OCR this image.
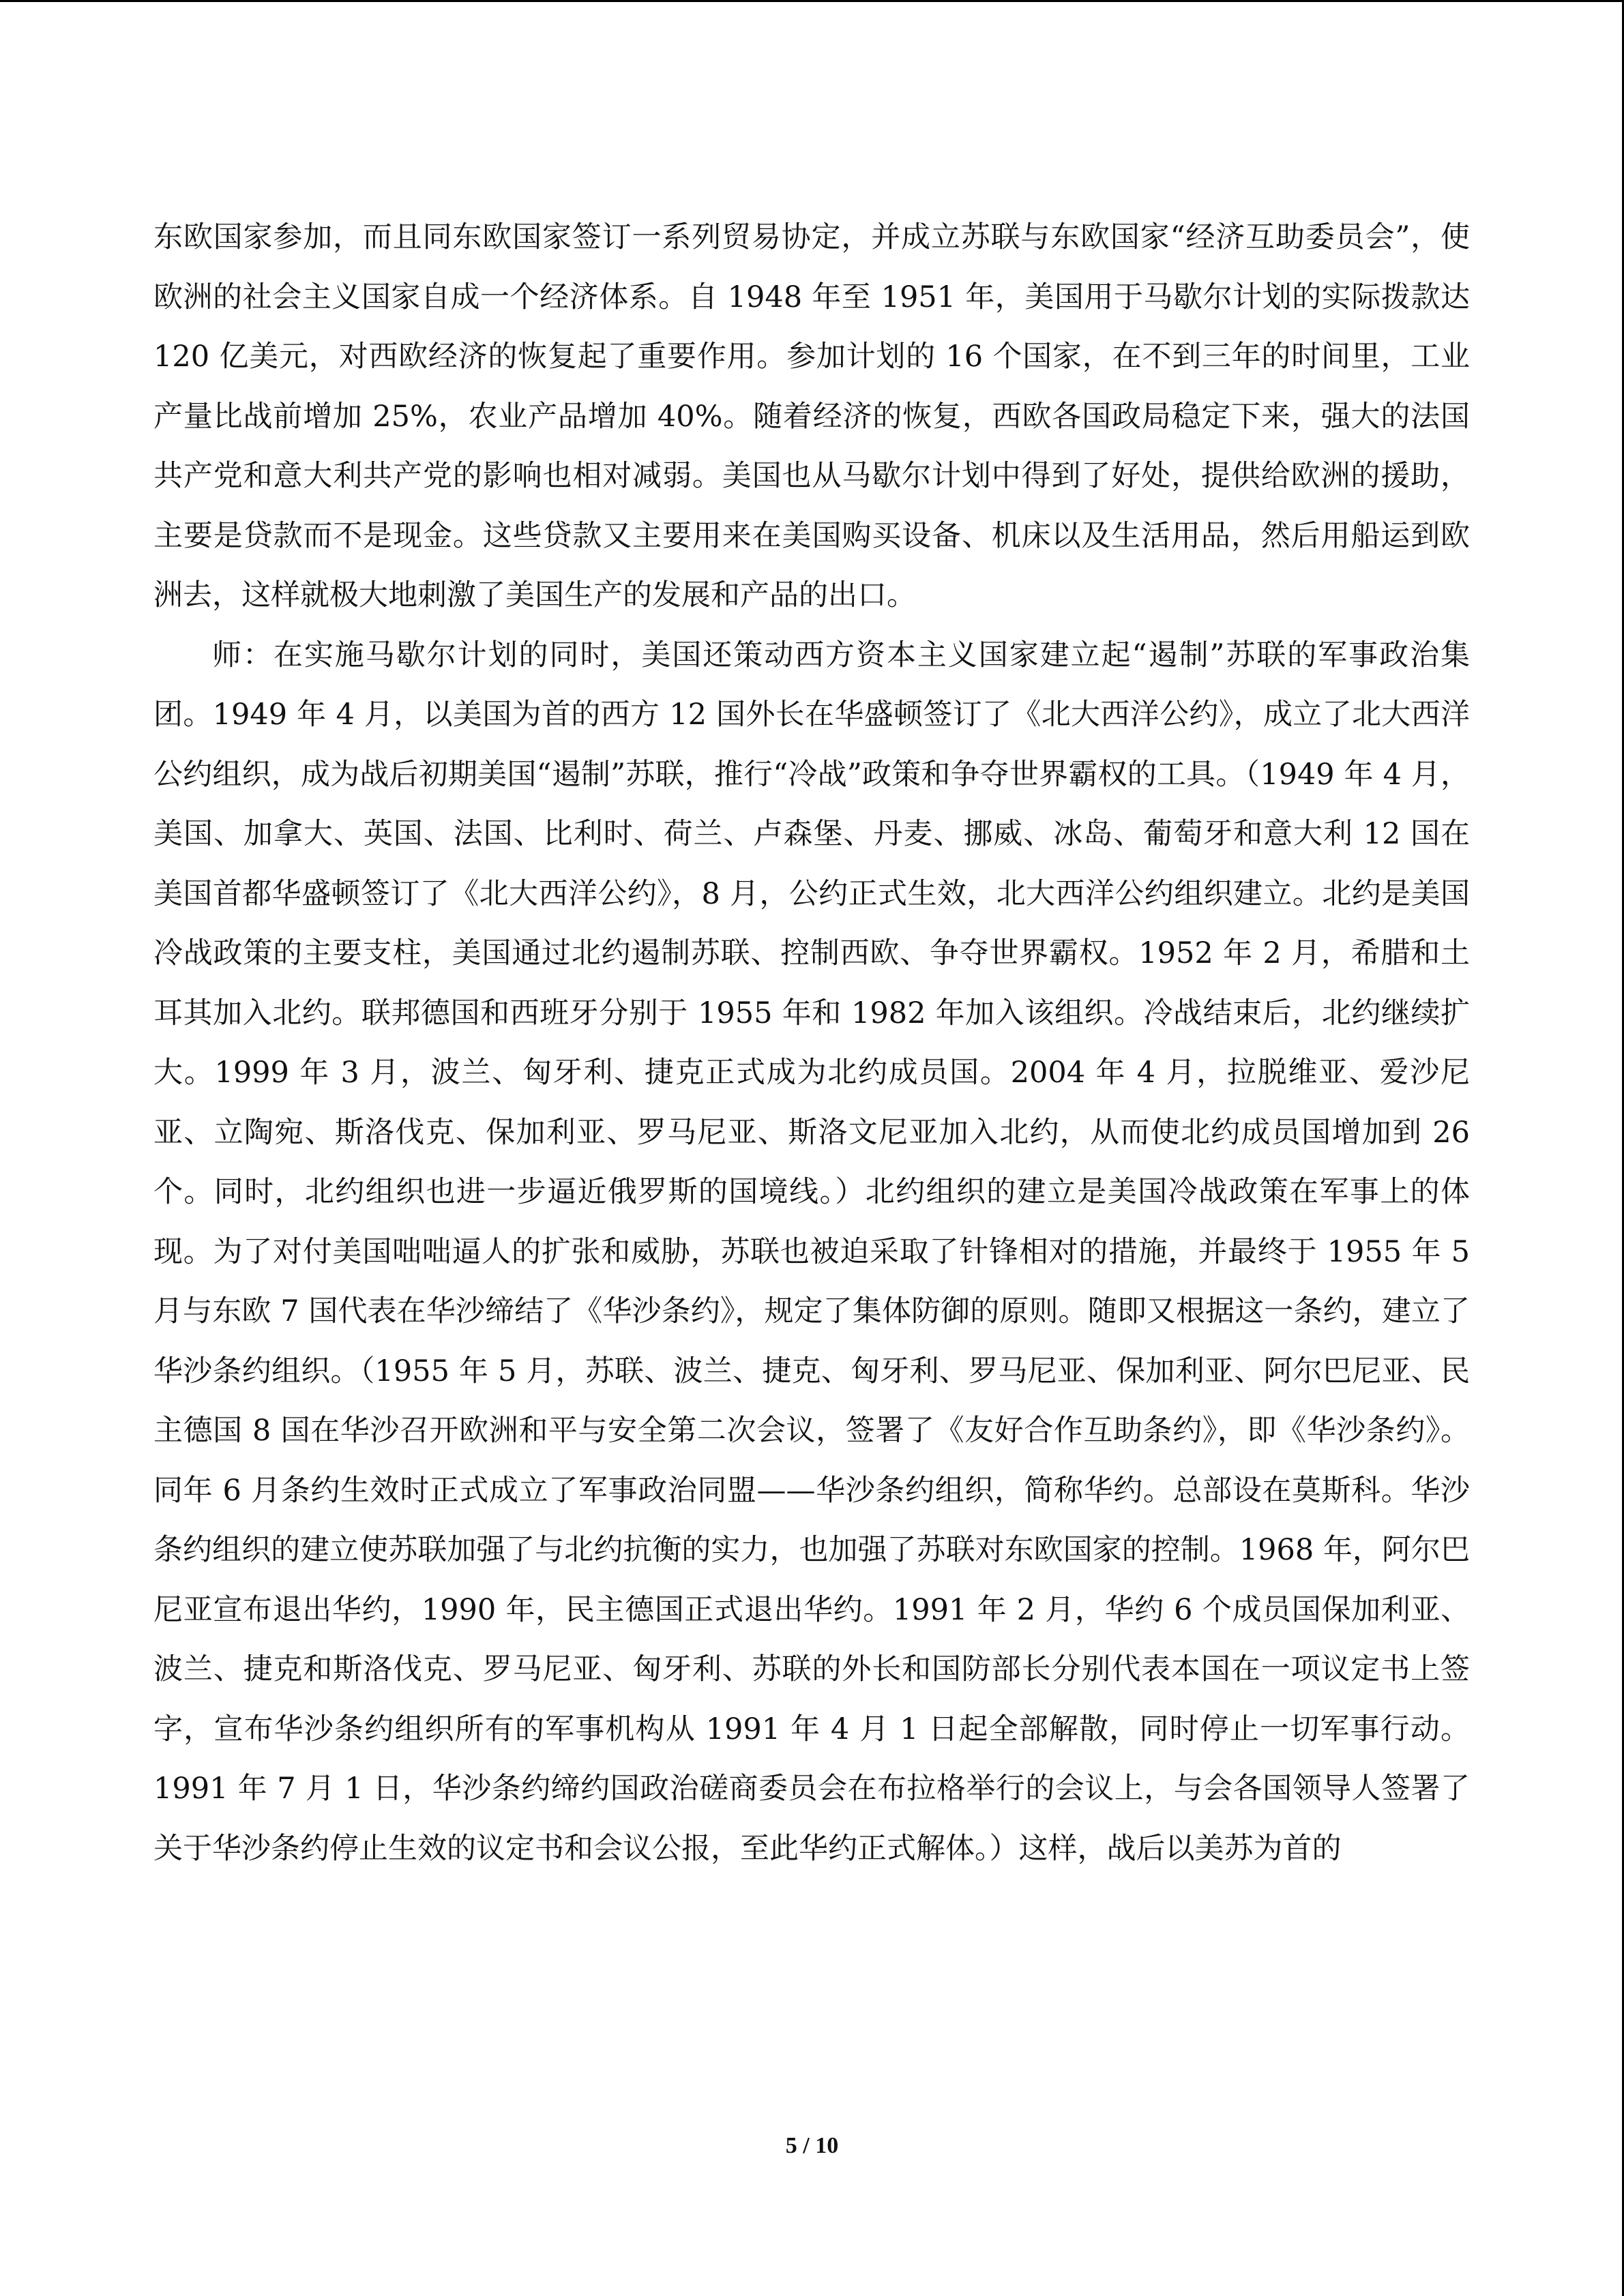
东欧国家参加，而且同东欧国家签订一系列贸易协定，并成立苏联与东欧国家“经济互助委员会”，使欧洲的社会主义国家自成一个经济体系。自 1948 年至 1951 年，美国用于马歇尔计划的实际拨款达 120 亿美元，对西欧经济的恢复起了重要作用。参加计划的 16 个国家，在不到三年的时间里，工业产量比战前增加 25%，农业产品增加 40%。随着经济的恢复，西欧各国政局稳定下来，强大的法国共产党和意大利共产党的影响也相对减弱。美国也从马歇尔计划中得到了好处，提供给欧洲的援助，主要是贷款而不是现金。这些贷款又主要用来在美国购买设备、机床以及生活用品，然后用船运到欧洲去，这样就极大地刺激了美国生产的发展和产品的出口。

师：在实施马歇尔计划的同时，美国还策动西方资本主义国家建立起“遏制”苏联的军事政治集团。1949 年 4 月，以美国为首的西方 12 国外长在华盛顿签订了《北大西洋公约》，成立了北大西洋公约组织，成为战后初期美国“遏制”苏联，推行“冷战”政策和争夺世界霸权的工具。（1949 年 4 月，美国、加拿大、英国、法国、比利时、荷兰、卢森堡、丹麦、挪威、冰岛、葡萄牙和意大利 12 国在美国首都华盛顿签订了《北大西洋公约》，8 月，公约正式生效，北大西洋公约组织建立。北约是美国冷战政策的主要支柱，美国通过北约遏制苏联、控制西欧、争夺世界霸权。1952 年 2 月，希腊和土耳其加入北约。联邦德国和西班牙分别于 1955 年和 1982 年加入该组织。冷战结束后，北约继续扩大。1999 年 3 月，波兰、匈牙利、捷克正式成为北约成员国。2004 年 4 月，拉脱维亚、爱沙尼亚、立陶宛、斯洛伐克、保加利亚、罗马尼亚、斯洛文尼亚加入北约，从而使北约成员国增加到 26 个。同时，北约组织也进一步逼近俄罗斯的国境线。）北约组织的建立是美国冷战政策在军事上的体现。为了对付美国咄咄逼人的扩张和威胁，苏联也被迫采取了针锋相对的措施，并最终于 1955 年 5 月与东欧 7 国代表在华沙缔结了《华沙条约》，规定了集体防御的原则。随即又根据这一条约，建立了华沙条约组织。（1955 年 5 月，苏联、波兰、捷克、匈牙利、罗马尼亚、保加利亚、阿尔巴尼亚、民主德国 8 国在华沙召开欧洲和平与安全第二次会议，签署了《友好合作互助条约》，即《华沙条约》。同年 6 月条约生效时正式成立了军事政治同盟——华沙条约组织，简称华约。总部设在莫斯科。华沙条约组织的建立使苏联加强了与北约抗衡的实力，也加强了苏联对东欧国家的控制。1968 年，阿尔巴尼亚宣布退出华约，1990 年，民主德国正式退出华约。1991 年 2 月，华约 6 个成员国保加利亚、波兰、捷克和斯洛伐克、罗马尼亚、匈牙利、苏联的外长和国防部长分别代表本国在一项议定书上签字，宣布华沙条约组织所有的军事机构从 1991 年 4 月 1 日起全部解散，同时停止一切军事行动。1991 年 7 月 1 日，华沙条约缔约国政治磋商委员会在布拉格举行的会议上，与会各国领导人签署了关于华沙条约停止生效的议定书和会议公报，至此华约正式解体。）这样，战后以美苏为首的

5 / 10
